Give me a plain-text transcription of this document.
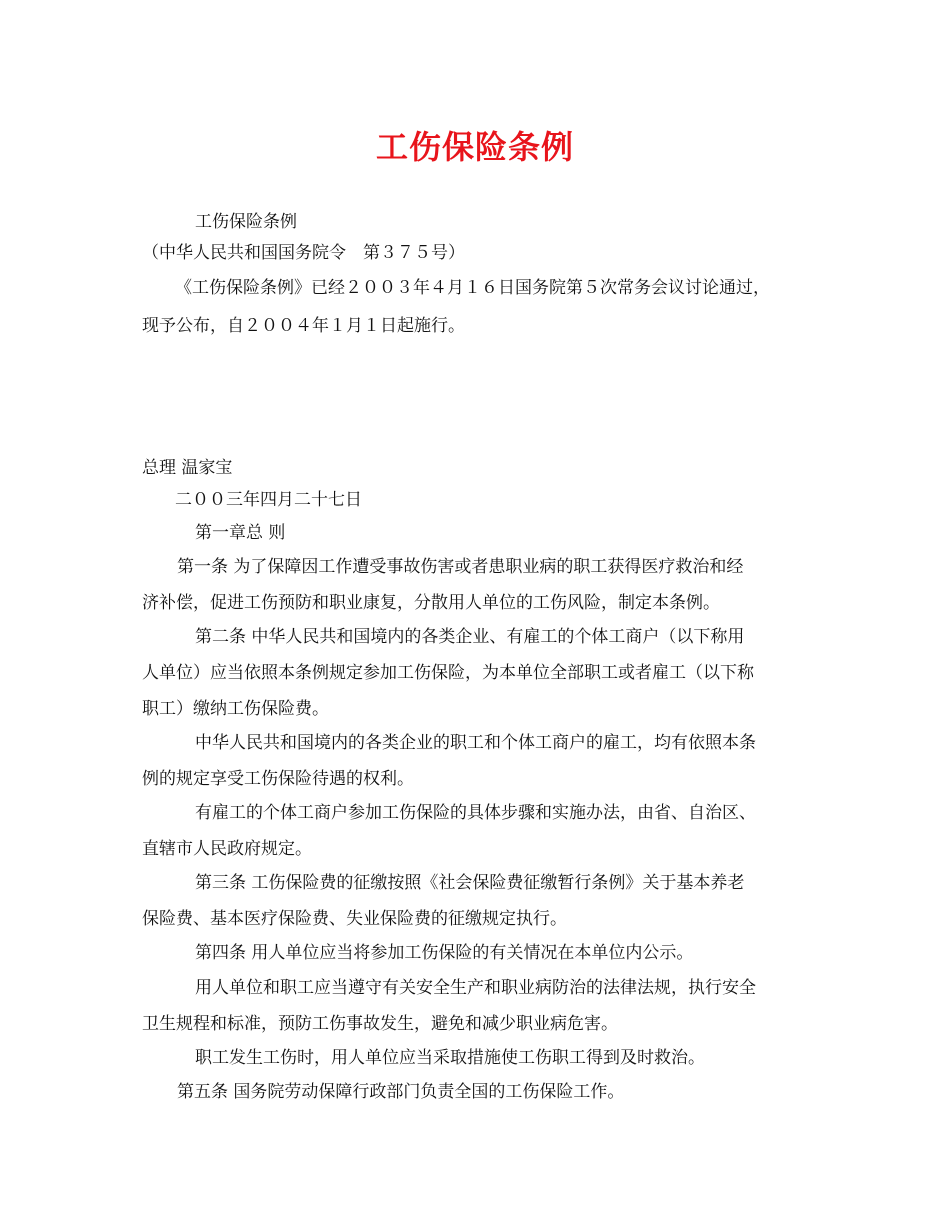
工伤保险条例
工伤保险条例
（中华人民共和国国务院令　第３７５号）
《工伤保险条例》已经２００３年４月１６日国务院第５次常务会议讨论通过，
现予公布，自２００４年１月１日起施行。
总理 温家宝
二００三年四月二十七日
第一章总 则
第一条 为了保障因工作遭受事故伤害或者患职业病的职工获得医疗救治和经
济补偿，促进工伤预防和职业康复，分散用人单位的工伤风险，制定本条例。
第二条 中华人民共和国境内的各类企业、有雇工的个体工商户（以下称用
人单位）应当依照本条例规定参加工伤保险，为本单位全部职工或者雇工（以下称
职工）缴纳工伤保险费。
中华人民共和国境内的各类企业的职工和个体工商户的雇工，均有依照本条
例的规定享受工伤保险待遇的权利。
有雇工的个体工商户参加工伤保险的具体步骤和实施办法，由省、自治区、
直辖市人民政府规定。
第三条 工伤保险费的征缴按照《社会保险费征缴暂行条例》关于基本养老
保险费、基本医疗保险费、失业保险费的征缴规定执行。
第四条 用人单位应当将参加工伤保险的有关情况在本单位内公示。
用人单位和职工应当遵守有关安全生产和职业病防治的法律法规，执行安全
卫生规程和标准，预防工伤事故发生，避免和减少职业病危害。
职工发生工伤时，用人单位应当采取措施使工伤职工得到及时救治。
第五条 国务院劳动保障行政部门负责全国的工伤保险工作。
